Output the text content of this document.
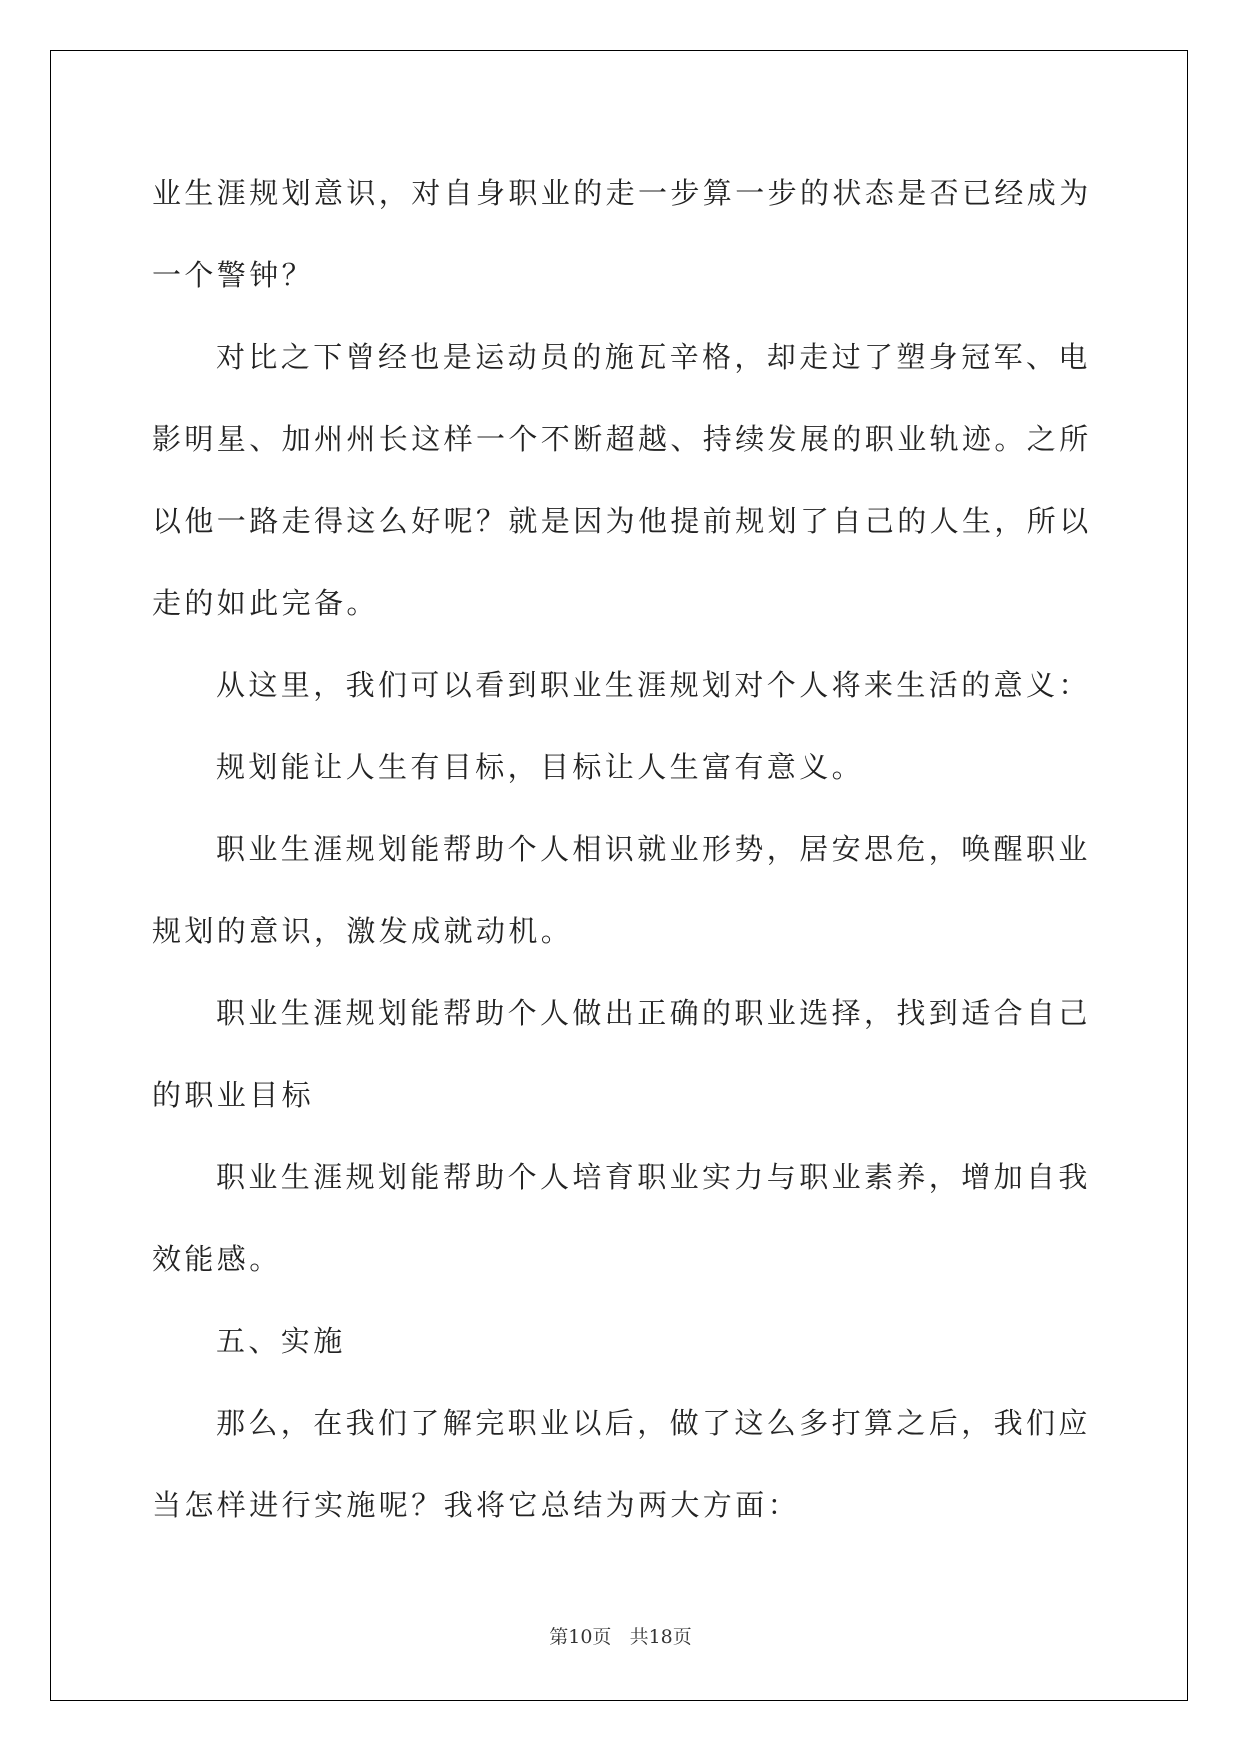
业生涯规划意识，对自身职业的走一步算一步的状态是否已经成为一个警钟？

对比之下曾经也是运动员的施瓦辛格，却走过了塑身冠军、电影明星、加州州长这样一个不断超越、持续发展的职业轨迹。之所以他一路走得这么好呢？就是因为他提前规划了自己的人生，所以走的如此完备。

从这里，我们可以看到职业生涯规划对个人将来生活的意义：

规划能让人生有目标，目标让人生富有意义。

职业生涯规划能帮助个人相识就业形势，居安思危，唤醒职业规划的意识，激发成就动机。

职业生涯规划能帮助个人做出正确的职业选择，找到适合自己的职业目标

职业生涯规划能帮助个人培育职业实力与职业素养，增加自我效能感。

五、实施

那么，在我们了解完职业以后，做了这么多打算之后，我们应当怎样进行实施呢？我将它总结为两大方面：

第10页 共18页
